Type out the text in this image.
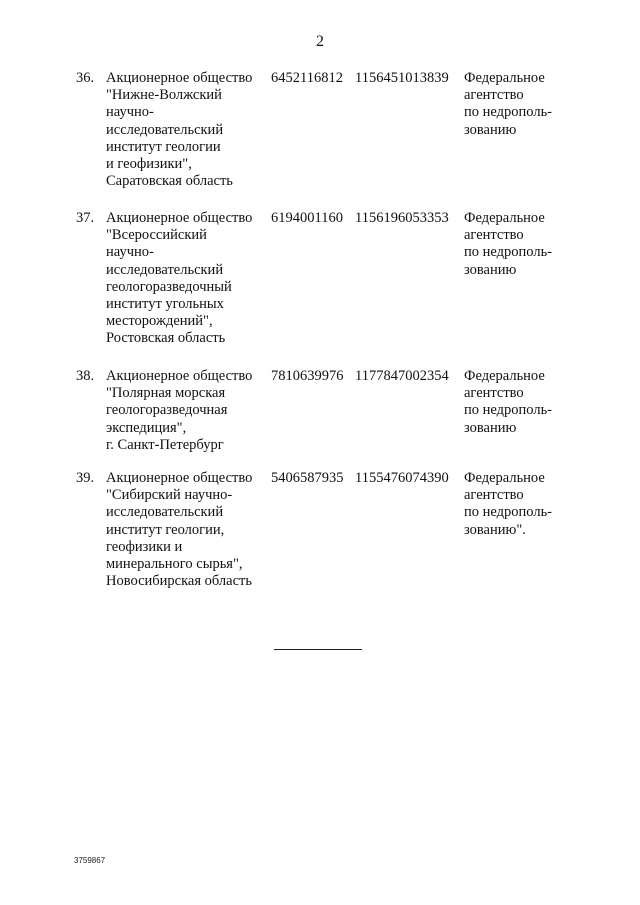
2
36. Акционерное общество
"Нижне-Волжский
научно-
исследовательский
институт геологии
и геофизики",
Саратовская область
6452116812 1156451013839 Федеральное
агентство
по недрополь-
зованию
37. Акционерное общество
"Всероссийский
научно-
исследовательский
геологоразведочный
институт угольных
месторождений",
Ростовская область
6194001160 1156196053353 Федеральное
агентство
по недрополь-
зованию
38. Акционерное общество
"Полярная морская
геологоразведочная
экспедиция",
г. Санкт-Петербург
7810639976 1177847002354 Федеральное
агентство
по недрополь-
зованию
39. Акционерное общество
"Сибирский научно-
исследовательский
институт геологии,
геофизики и
минерального сырья",
Новосибирская область
5406587935 1155476074390 Федеральное
агентство
по недрополь-
зованию".
3759867
